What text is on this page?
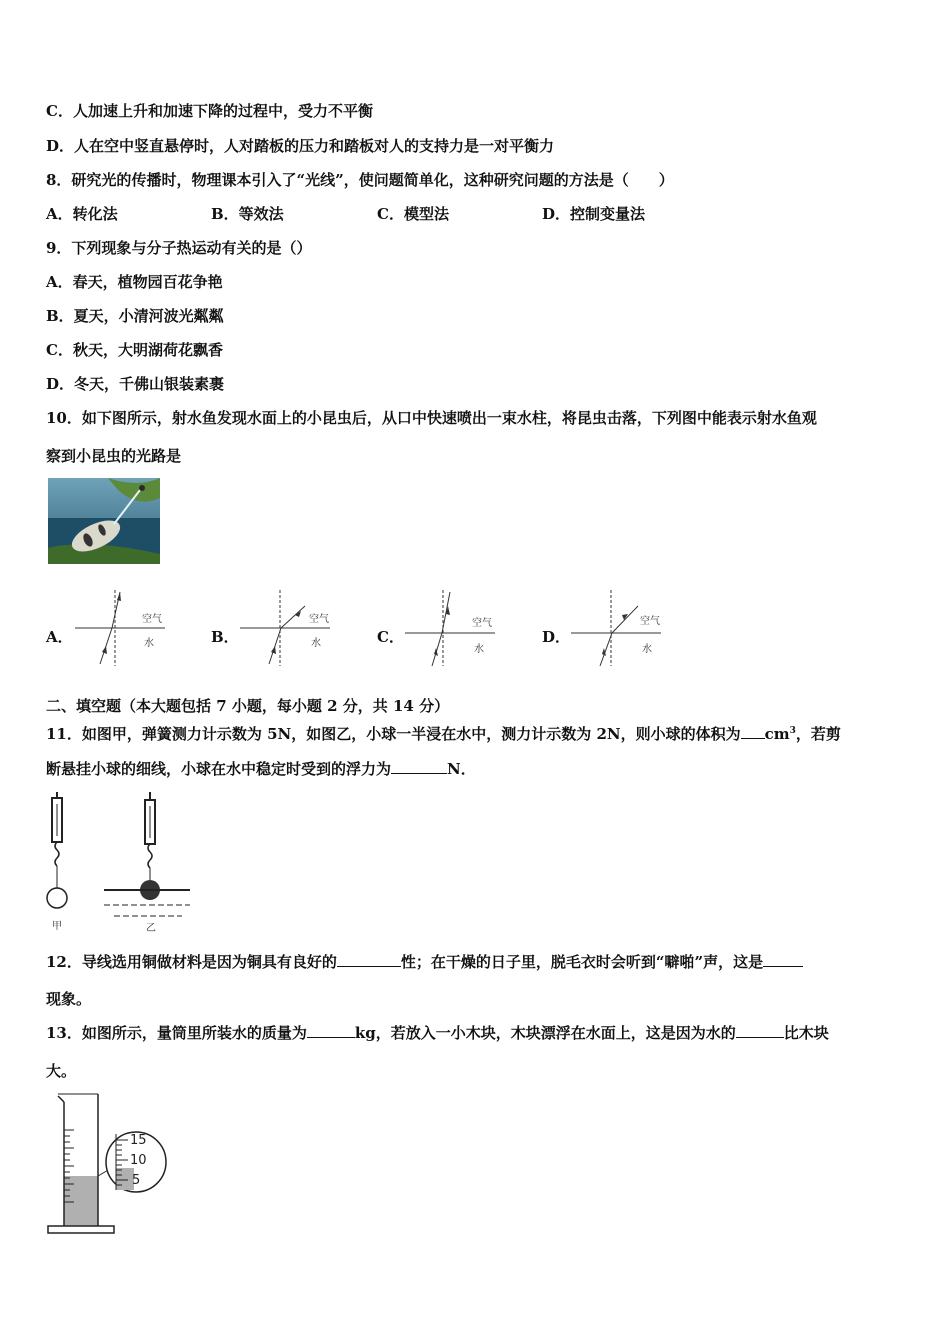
C．人加速上升和加速下降的过程中，受力不平衡
D．人在空中竖直悬停时，人对踏板的压力和踏板对人的支持力是一对平衡力
8．研究光的传播时，物理课本引入了“光线”，使问题简单化，这种研究问题的方法是（　　）
A．转化法	B．等效法	C．模型法	D．控制变量法
9．下列现象与分子热运动有关的是（）
A．春天，植物园百花争艳
B．夏天，小清河波光粼粼
C．秋天，大明湖荷花飘香
D．冬天，千佛山银装素裹
10．如下图所示，射水鱼发现水面上的小昆虫后，从口中快速喷出一束水柱，将昆虫击落，下列图中能表示射水鱼观
察到小昆虫的光路是
A．
空气
水	B．
空气
水	C．
空气
水
D．
空气
水
二、填空题（本大题包括 7 小题，每小题 2 分，共 14 分）
11．如图甲，弹簧测力计示数为 5N，如图乙，小球一半浸在水中，测力计示数为 2N，则小球的体积为 $cm^3$，若剪
断悬挂小球的细线，小球在水中稳定时受到的浮力为	N．
甲	乙
12．导线选用铜做材料是因为铜具有良好的	性；在干燥的日子里，脱毛衣时会听到“噼啪”声，这是
现象。
13．如图所示，量筒里所装水的质量为	kg，若放入一小木块，木块漂浮在水面上，这是因为水的	比木块
大。
15
10
5
